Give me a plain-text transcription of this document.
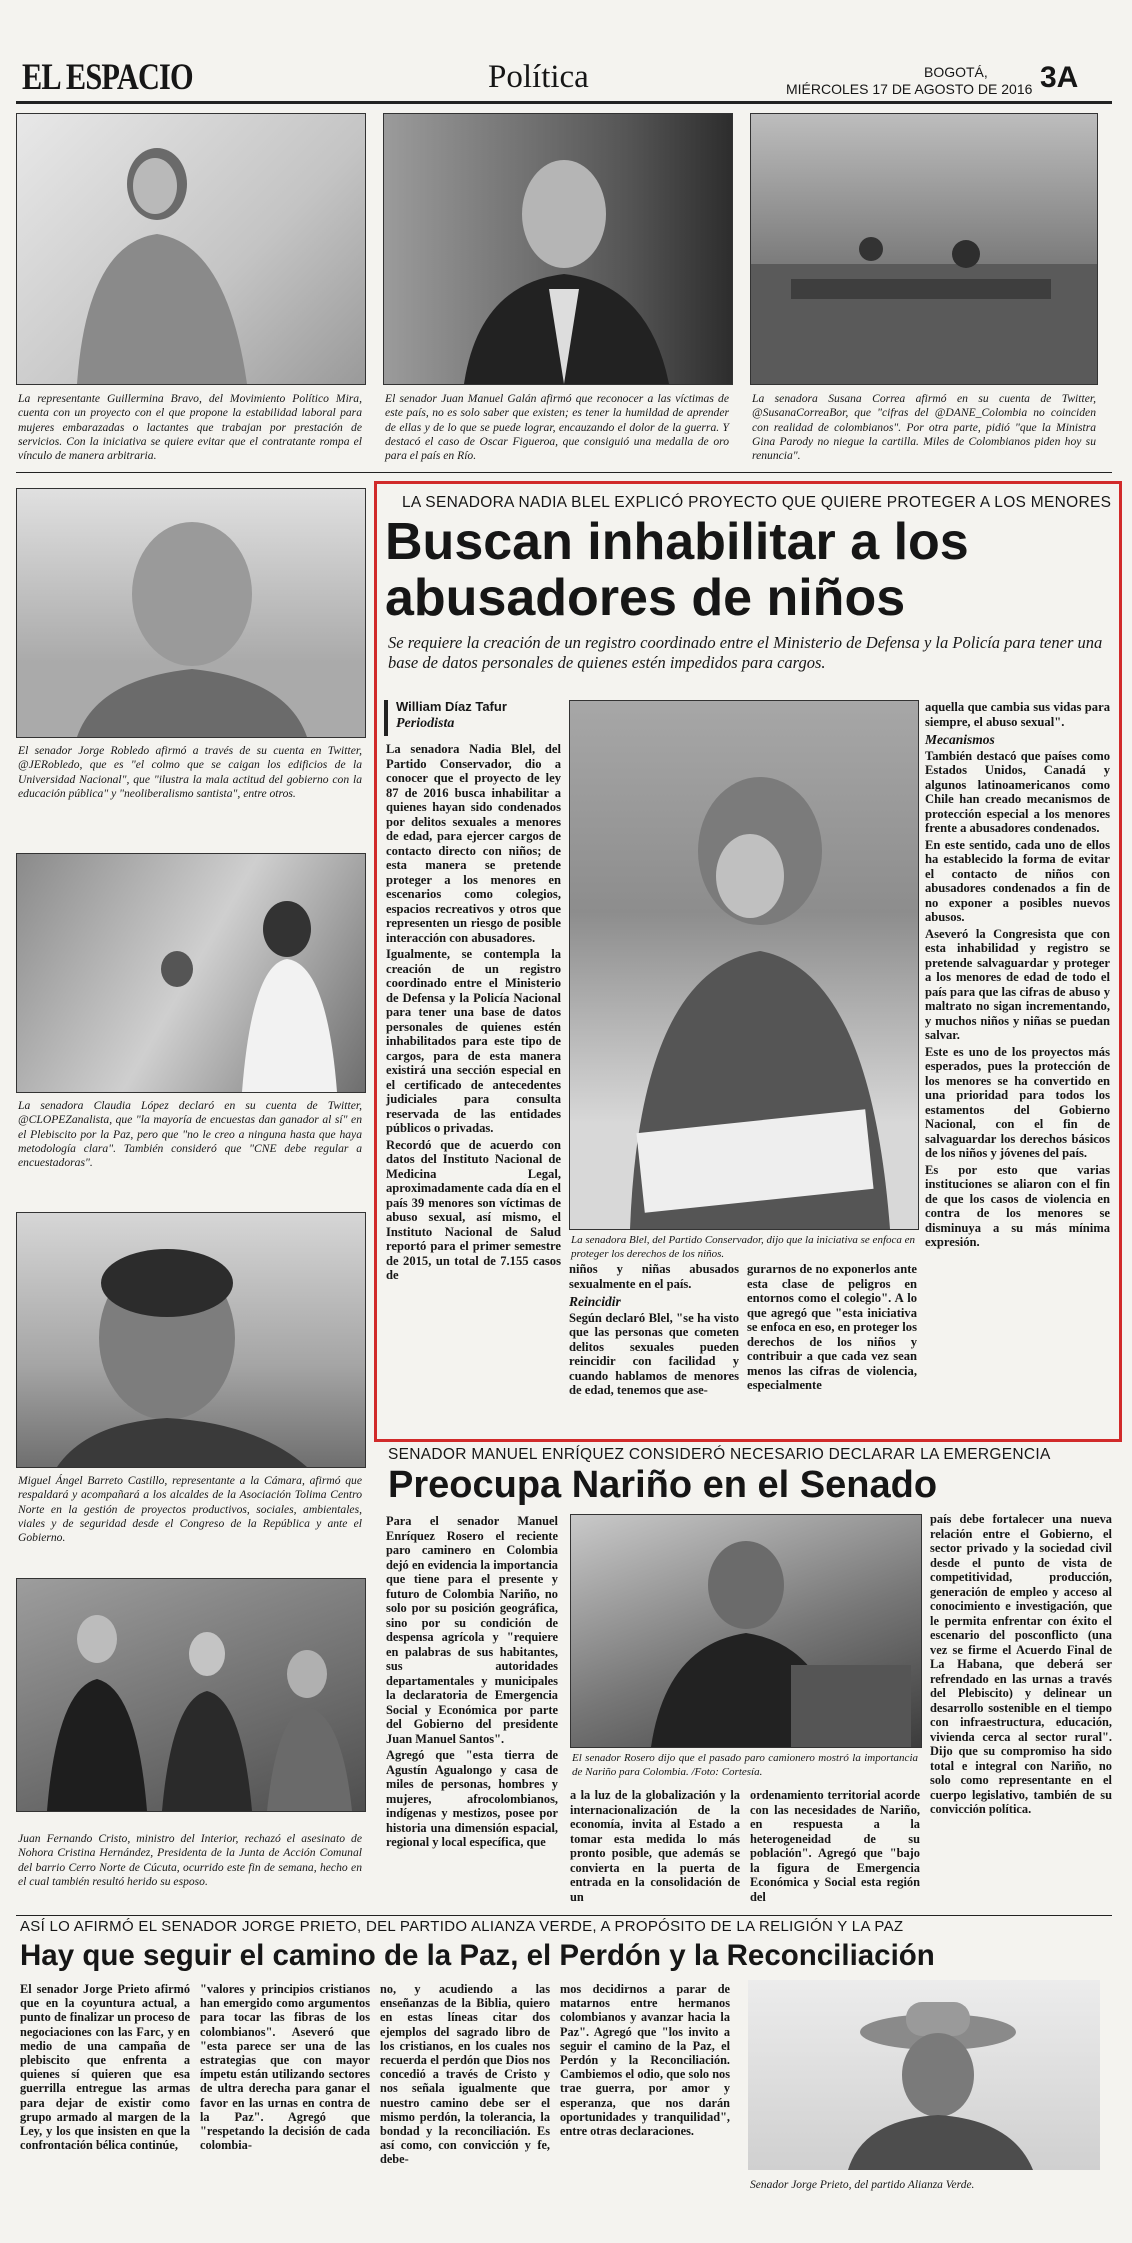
EL ESPACIO	Política	BOGOTÁ,
MIÉRCOLES 17 DE AGOSTO DE 2016 3A
La representante Guillermina Bravo, del Movimiento Político Mira, cuenta con un proyecto con el que propone la estabilidad laboral para mujeres embarazadas o lactantes que trabajan por prestación de servicios. Con la iniciativa se quiere evitar que el contratante rompa el vínculo de manera arbitraria.
El senador Juan Manuel Galán afirmó que reconocer a las víctimas de este país, no es solo saber que existen; es tener la humildad de aprender de ellas y de lo que se puede lograr, encauzando el dolor de la guerra. Y destacó el caso de Oscar Figueroa, que consiguió una medalla de oro para el país en Río.
La senadora Susana Correa afirmó en su cuenta de Twitter, @SusanaCorreaBor, que "cifras del @DANE_Colombia no coinciden con realidad de colombianos". Por otra parte, pidió "que la Ministra Gina Parody no niegue la cartilla. Miles de Colombianos piden hoy su renuncia".
El senador Jorge Robledo afirmó a través de su cuenta en Twitter, @JERobledo, que es "el colmo que se caigan los edificios de la Universidad Nacional", que "ilustra la mala actitud del gobierno con la educación pública" y "neoliberalismo santista", entre otros.
La senadora Claudia López declaró en su cuenta de Twitter, @CLOPEZanalista, que "la mayoría de encuestas dan ganador al sí" en el Plebiscito por la Paz, pero que "no le creo a ninguna hasta que haya metodología clara". También consideró que "CNE debe regular a encuestadoras".
Miguel Ángel Barreto Castillo, representante a la Cámara, afirmó que respaldará y acompañará a los alcaldes de la Asociación Tolima Centro Norte en la gestión de proyectos productivos, sociales, ambientales, viales y de seguridad desde el Congreso de la República y ante el Gobierno.
Juan Fernando Cristo, ministro del Interior, rechazó el asesinato de Nohora Cristina Hernández, Presidenta de la Junta de Acción Comunal del barrio Cerro Norte de Cúcuta, ocurrido este fin de semana, hecho en el cual también resultó herido su esposo.
LA SENADORA NADIA BLEL EXPLICÓ PROYECTO QUE QUIERE PROTEGER A LOS MENORES
Buscan inhabilitar a los
abusadores de niños
Se requiere la creación de un registro coordinado entre el Ministerio de Defensa y la Policía para tener una base de datos personales de quienes estén impedidos para cargos.
William Díaz Tafur
Periodista

La senadora Nadia Blel, del Partido Conservador, dio a conocer que el proyecto de ley 87 de 2016 busca inhabilitar a quienes hayan sido condenados por delitos sexuales a menores de edad, para ejercer cargos de contacto directo con niños; de esta manera se pretende proteger a los menores en escenarios como colegios, espacios recreativos y otros que representen un riesgo de posible interacción con abusadores.

Igualmente, se contempla la creación de un registro coordinado entre el Ministerio de Defensa y la Policía Nacional para tener una base de datos personales de quienes estén inhabilitados para este tipo de cargos, para de esta manera existirá una sección especial en el certificado de antecedentes judiciales para consulta reservada de las entidades públicos o privadas.

Recordó que de acuerdo con datos del Instituto Nacional de Medicina Legal, aproximadamente cada día en el país 39 menores son víctimas de abuso sexual, así mismo, el Instituto Nacional de Salud reportó para el primer semestre de 2015, un total de 7.155 casos de

La senadora Blel, del Partido Conservador, dijo que la iniciativa se enfoca en proteger los derechos de los niños.

niños y niñas abusados sexualmente en el país.

Reincidir

Según declaró Blel, "se ha visto que las personas que cometen delitos sexuales pueden reincidir con facilidad y cuando hablamos de menores de edad, tenemos que ase-

gurarnos de no exponerlos ante esta clase de peligros en entornos como el colegio". A lo que agregó que "esta iniciativa se enfoca en eso, en proteger los derechos de los niños y contribuir a que cada vez sean menos las cifras de violencia, especialmente

aquella que cambia sus vidas para siempre, el abuso sexual".

Mecanismos

También destacó que países como Estados Unidos, Canadá y algunos latinoamericanos como Chile han creado mecanismos de protección especial a los menores frente a abusadores condenados.

En este sentido, cada uno de ellos ha establecido la forma de evitar el contacto de niños con abusadores condenados a fin de no exponer a posibles nuevos abusos.

Aseveró la Congresista que con esta inhabilidad y registro se pretende salvaguardar y proteger a los menores de edad de todo el país para que las cifras de abuso y maltrato no sigan incrementando, y muchos niños y niñas se puedan salvar.

Este es uno de los proyectos más esperados, pues la protección de los menores se ha convertido en una prioridad para todos los estamentos del Gobierno Nacional, con el fin de salvaguardar los derechos básicos de los niños y jóvenes del país.

Es por esto que varias instituciones se aliaron con el fin de que los casos de violencia en contra de los menores se disminuya a su más mínima expresión.

SENADOR MANUEL ENRÍQUEZ CONSIDERÓ NECESARIO DECLARAR LA EMERGENCIA
Preocupa Nariño en el Senado

Para el senador Manuel Enríquez Rosero el reciente paro caminero en Colombia dejó en evidencia la importancia que tiene para el presente y futuro de Colombia Nariño, no solo por su posición geográfica, sino por su condición de despensa agrícola y "requiere en palabras de sus habitantes, sus autoridades departamentales y municipales la declaratoria de Emergencia Social y Económica por parte del Gobierno del presidente Juan Manuel Santos".

Agregó que "esta tierra de Agustín Agualongo y casa de miles de personas, hombres y mujeres, afrocolombianos, indígenas y mestizos, posee por historia una dimensión espacial, regional y local específica, que

El senador Rosero dijo que el pasado paro camionero mostró la importancia de Nariño para Colombia. /Foto: Cortesía.

a la luz de la globalización y la internacionalización de la economía, invita al Estado a tomar esta medida lo más pronto posible, que además se convierta en la puerta de entrada en la consolidación de un

ordenamiento territorial acorde con las necesidades de Nariño, en respuesta a la heterogeneidad de su población". Agregó que "bajo la figura de Emergencia Económica y Social esta región del

país debe fortalecer una nueva relación entre el Gobierno, el sector privado y la sociedad civil desde el punto de vista de competitividad, producción, generación de empleo y acceso al conocimiento e investigación, que le permita enfrentar con éxito el escenario del posconflicto (una vez se firme el Acuerdo Final de La Habana, que deberá ser refrendado en las urnas a través del Plebiscito) y delinear un desarrollo sostenible en el tiempo con infraestructura, educación, vivienda cerca al sector rural". Dijo que su compromiso ha sido total e integral con Nariño, no solo como representante en el cuerpo legislativo, también de su convicción política.

ASÍ LO AFIRMÓ EL SENADOR JORGE PRIETO, DEL PARTIDO ALIANZA VERDE, A PROPÓSITO DE LA RELIGIÓN Y LA PAZ
Hay que seguir el camino de la Paz, el Perdón y la Reconciliación

El senador Jorge Prieto afirmó que en la coyuntura actual, a punto de finalizar un proceso de negociaciones con las Farc, y en medio de una campaña de plebiscito que enfrenta a quienes sí quieren que esa guerrilla entregue las armas para dejar de existir como grupo armado al margen de la Ley, y los que insisten en que la confrontación bélica continúe,

"valores y principios cristianos han emergido como argumentos para tocar las fibras de los colombianos". Aseveró que "esta parece ser una de las estrategias que con mayor ímpetu están utilizando sectores de ultra derecha para ganar el favor en las urnas en contra de la Paz". Agregó que "respetando la decisión de cada colombia-

no, y acudiendo a las enseñanzas de la Biblia, quiero en estas líneas citar dos ejemplos del sagrado libro de los cristianos, en los cuales nos recuerda el perdón que Dios nos concedió a través de Cristo y nos señala igualmente que nuestro camino debe ser el mismo perdón, la tolerancia, la bondad y la reconciliación. Es así como, con convicción y fe, debe-

mos decidirnos a parar de matarnos entre hermanos colombianos y avanzar hacia la Paz". Agregó que "los invito a seguir el camino de la Paz, el Perdón y la Reconciliación. Cambiemos el odio, que solo nos trae guerra, por amor y esperanza, que nos darán oportunidades y tranquilidad", entre otras declaraciones.

Senador Jorge Prieto, del partido Alianza Verde.
